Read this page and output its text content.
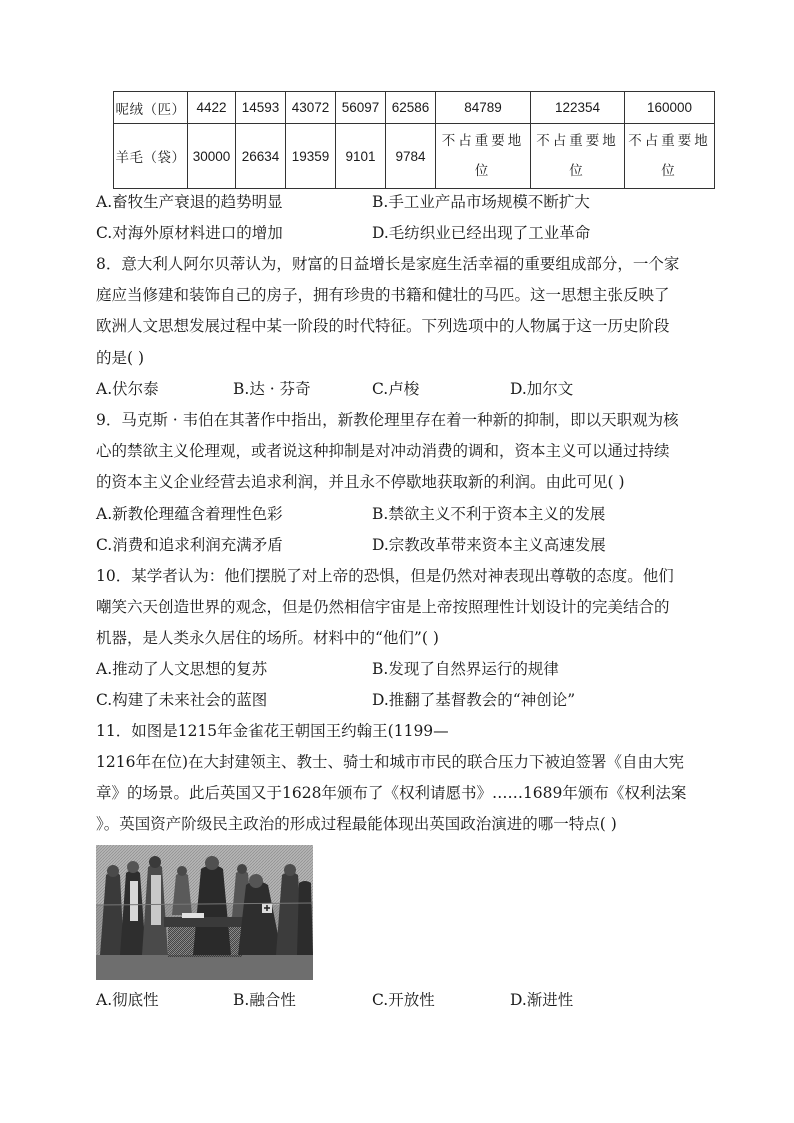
呢绒（匹）	4422	14593	43072	56097	62586	84789	122354	160000
羊毛（袋）	30000	26634	19359	9101	9784	不占重要地位	不占重要地位	不占重要地位
A.畜牧生产衰退的趋势明显	B.手工业产品市场规模不断扩大
C.对海外原材料进口的增加	D.毛纺织业已经出现了工业革命
8．意大利人阿尔贝蒂认为，财富的日益增长是家庭生活幸福的重要组成部分，一个家
庭应当修建和装饰自己的房子，拥有珍贵的书籍和健壮的马匹。这一思想主张反映了
欧洲人文思想发展过程中某一阶段的时代特征。下列选项中的人物属于这一历史阶段
的是( )
A.伏尔泰	B.达 · 芬奇	C.卢梭	D.加尔文
9．马克斯 · 韦伯在其著作中指出，新教伦理里存在着一种新的抑制，即以天职观为核
心的禁欲主义伦理观，或者说这种抑制是对冲动消费的调和，资本主义可以通过持续
的资本主义企业经营去追求利润，并且永不停歇地获取新的利润。由此可见( )
A.新教伦理蕴含着理性色彩	B.禁欲主义不利于资本主义的发展
C.消费和追求利润充满矛盾	D.宗教改革带来资本主义高速发展
10．某学者认为：他们摆脱了对上帝的恐惧，但是仍然对神表现出尊敬的态度。他们
嘲笑六天创造世界的观念，但是仍然相信宇宙是上帝按照理性计划设计的完美结合的
机器，是人类永久居住的场所。材料中的“他们”( )
A.推动了人文思想的复苏	B.发现了自然界运行的规律
C.构建了未来社会的蓝图	D.推翻了基督教会的“神创论”
11．如图是1215年金雀花王朝国王约翰王(1199—
1216年在位)在大封建领主、教士、骑士和城市市民的联合压力下被迫签署《自由大宪
章》的场景。此后英国又于1628年颁布了《权利请愿书》……1689年颁布《权利法案
》。英国资产阶级民主政治的形成过程最能体现出英国政治演进的哪一特点( )
A.彻底性	B.融合性	C.开放性	D.渐进性
